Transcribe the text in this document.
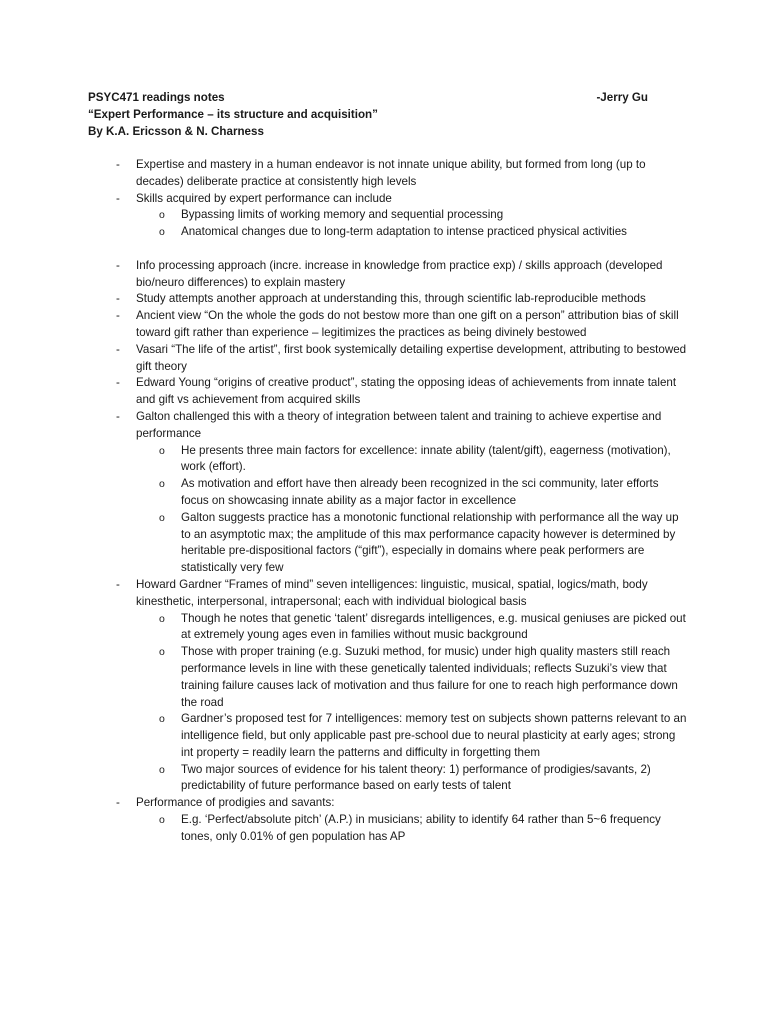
PSYC471 readings notes
“Expert Performance – its structure and acquisition”
By K.A. Ericsson & N. Charness
-Jerry Gu
- Expertise and mastery in a human endeavor is not innate unique ability, but formed from long (up to decades) deliberate practice at consistently high levels
- Skills acquired by expert performance can include
o Bypassing limits of working memory and sequential processing
o Anatomical changes due to long-term adaptation to intense practiced physical activities
- Info processing approach (incre. increase in knowledge from practice exp) / skills approach (developed bio/neuro differences) to explain mastery
- Study attempts another approach at understanding this, through scientific lab-reproducible methods
- Ancient view “On the whole the gods do not bestow more than one gift on a person” attribution bias of skill toward gift rather than experience – legitimizes the practices as being divinely bestowed
- Vasari “The life of the artist”, first book systemically detailing expertise development, attributing to bestowed gift theory
- Edward Young “origins of creative product”, stating the opposing ideas of achievements from innate talent and gift vs achievement from acquired skills
- Galton challenged this with a theory of integration between talent and training to achieve expertise and performance
o He presents three main factors for excellence: innate ability (talent/gift), eagerness (motivation), work (effort).
o As motivation and effort have then already been recognized in the sci community, later efforts focus on showcasing innate ability as a major factor in excellence
o Galton suggests practice has a monotonic functional relationship with performance all the way up to an asymptotic max; the amplitude of this max performance capacity however is determined by heritable pre-dispositional factors (“gift”), especially in domains where peak performers are statistically very few
- Howard Gardner “Frames of mind” seven intelligences: linguistic, musical, spatial, logics/math, body kinesthetic, interpersonal, intrapersonal; each with individual biological basis
o Though he notes that genetic ‘talent’ disregards intelligences, e.g. musical geniuses are picked out at extremely young ages even in families without music background
o Those with proper training (e.g. Suzuki method, for music) under high quality masters still reach performance levels in line with these genetically talented individuals; reflects Suzuki’s view that training failure causes lack of motivation and thus failure for one to reach high performance down the road
o Gardner’s proposed test for 7 intelligences: memory test on subjects shown patterns relevant to an intelligence field, but only applicable past pre-school due to neural plasticity at early ages; strong int property = readily learn the patterns and difficulty in forgetting them
o Two major sources of evidence for his talent theory: 1) performance of prodigies/savants, 2) predictability of future performance based on early tests of talent
- Performance of prodigies and savants:
o E.g. ‘Perfect/absolute pitch’ (A.P.) in musicians; ability to identify 64 rather than 5~6 frequency tones, only 0.01% of gen population has AP
